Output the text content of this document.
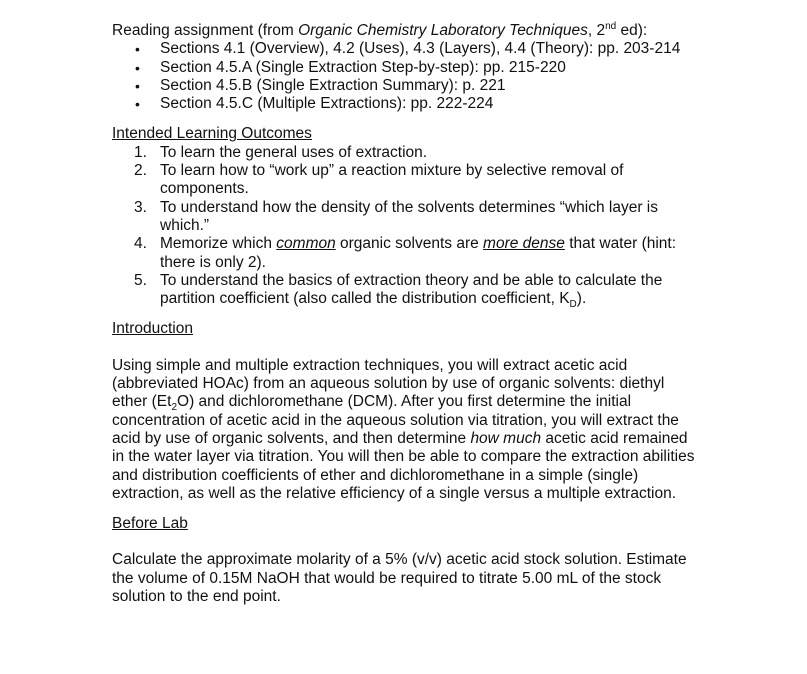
Reading assignment (from Organic Chemistry Laboratory Techniques, 2nd ed):

• Sections 4.1 (Overview), 4.2 (Uses), 4.3 (Layers), 4.4 (Theory): pp. 203-214
• Section 4.5.A (Single Extraction Step-by-step): pp. 215-220
• Section 4.5.B (Single Extraction Summary): p. 221
• Section 4.5.C (Multiple Extractions): pp. 222-224

Intended Learning Outcomes

1. To learn the general uses of extraction.
2. To learn how to “work up” a reaction mixture by selective removal of components.
3. To understand how the density of the solvents determines “which layer is which.”
4. Memorize which common organic solvents are more dense that water (hint: there is only 2).
5. To understand the basics of extraction theory and be able to calculate the partition coefficient (also called the distribution coefficient, $K_D$).

Introduction

Using simple and multiple extraction techniques, you will extract acetic acid (abbreviated HOAc) from an aqueous solution by use of organic solvents: diethyl ether $(Et_2O)$ and dichloromethane (DCM). After you first determine the initial concentration of acetic acid in the aqueous solution via titration, you will extract the acid by use of organic solvents, and then determine how much acetic acid remained in the water layer via titration. You will then be able to compare the extraction abilities and distribution coefficients of ether and dichloromethane in a simple (single) extraction, as well as the relative efficiency of a single versus a multiple extraction.

Before Lab

Calculate the approximate molarity of a 5% (v/v) acetic acid stock solution. Estimate the volume of 0.15M NaOH that would be required to titrate 5.00 mL of the stock solution to the end point.
